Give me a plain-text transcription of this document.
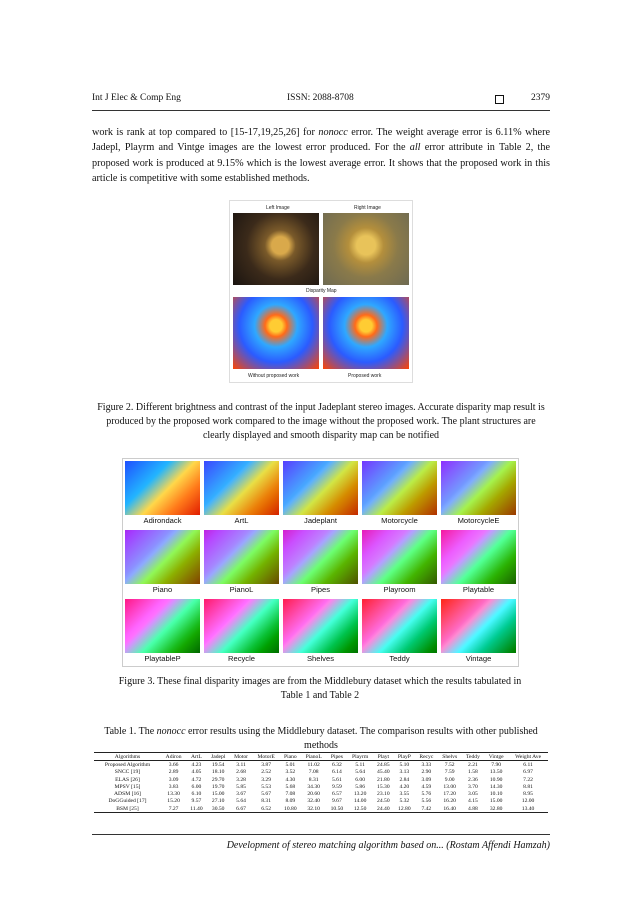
Int J Elec & Comp Eng	ISSN: 2088-8708	2379
work is rank at top compared to [15-17,19,25,26] for nonocc error. The weight average error is 6.11% where
Jadepl, Playrm and Vintge images are the lowest error produced. For the all error attribute in Table 2, the
proposed work is produced at 9.15% which is the lowest average error. It shows that the proposed work in this
article is competitive with some established methods.
Left Image	Right Image
Disparity Map
Without proposed work	Proposed work
Figure 2. Different brightness and contrast of the input Jadeplant stereo images. Accurate disparity map result is produced by the proposed work compared to the image without the proposed work. The plant structures are clearly displayed and smooth disparity map can be notified
Adirondack	ArtL	Jadeplant	Motorcycle	MotorcycleE
Piano	PianoL	Pipes	Playroom	Playtable
PlaytableP	Recycle	Shelves	Teddy	Vintage
Figure 3. These final disparity images are from the Middlebury dataset which the results tabulated in Table 1 and Table 2
Table 1. The nonocc error results using the Middlebury dataset. The comparison results with other published methods
Algorithms	Adiron	ArtL	Jadepl	Motor	MotorE	Piano	PianoL	Pipes	Playrm	Playt	PlayP	Recyc	Shelvs	Teddy	Vintge	Weight Ave
Proposed Algorithm	3.66	4.23	19.54	3.11	3.87	5.01	11.02	6.32	5.11	24.85	5.10	3.33	7.52	2.21	7.90	6.11
SNCC [19]	2.89	4.05	18.10	2.68	2.52	3.52	7.08	6.14	5.64	45.40	3.13	2.90	7.59	1.58	13.50	6.97
ELAS [26]	3.09	4.72	29.70	3.28	3.29	4.30	8.31	5.61	6.00	21.80	2.84	3.09	9.00	2.36	10.90	7.22
MPSV [15]	3.83	6.00	19.70	5.85	5.53	5.68	34.30	9.59	5.86	15.30	4.20	4.59	13.00	3.70	14.30	8.81
ADSM [16]	13.30	6.10	15.00	3.67	5.67	7.08	20.60	6.57	13.20	23.10	3.55	5.76	17.20	3.05	10.10	8.95
DoGGuided [17]	15.20	9.57	27.10	5.64	8.31	8.09	32.40	9.67	14.00	24.50	5.32	5.56	16.20	4.15	15.00	12.00
BSM [25]	7.27	11.40	30.50	6.67	6.52	10.80	32.10	10.50	12.50	24.40	12.80	7.42	16.40	4.88	32.80	13.40
Development of stereo matching algorithm based on... (Rostam Affendi Hamzah)
